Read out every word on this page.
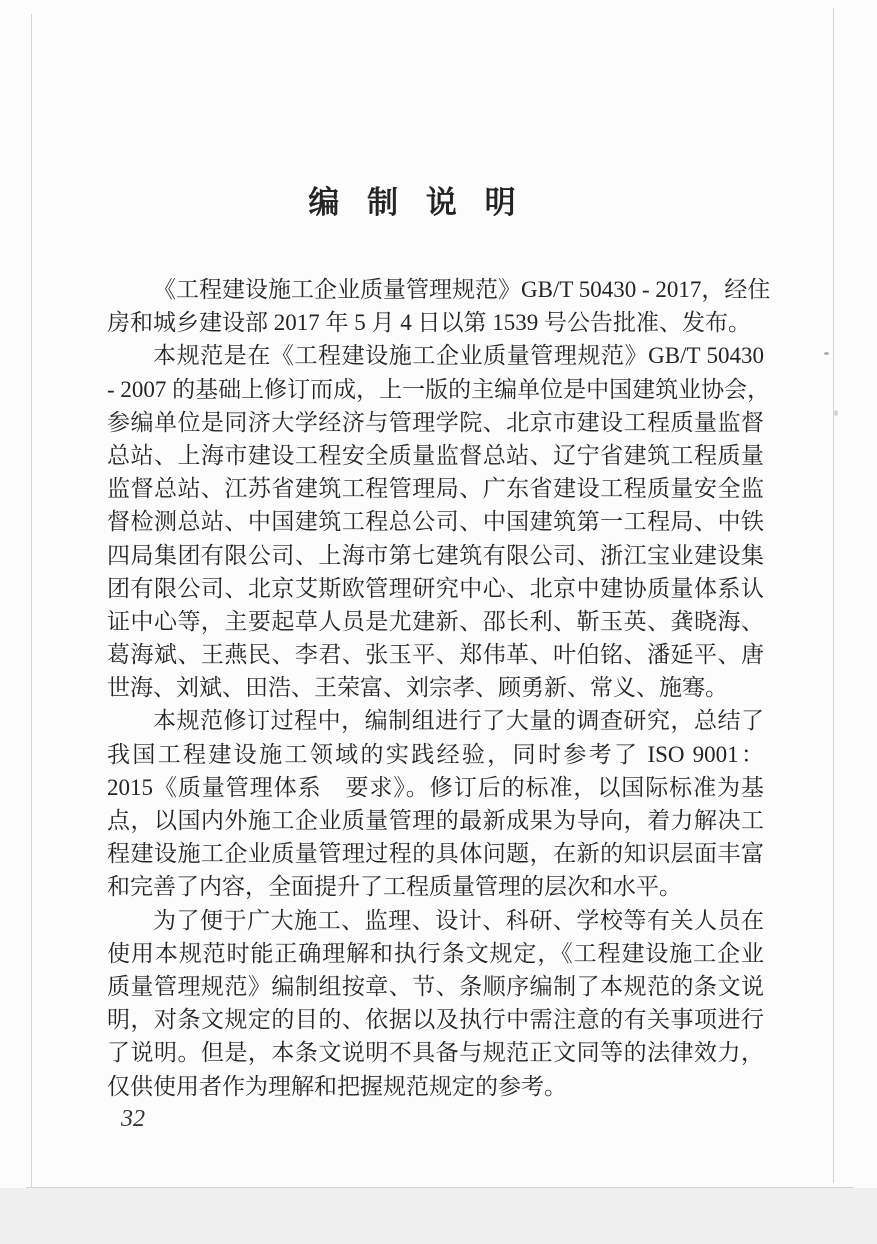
编 制 说 明
《工程建设施工企业质量管理规范》GB/T 50430 - 2017，经住
房和城乡建设部 2017 年 5 月 4 日以第 1539 号公告批准、发布。
本规范是在《工程建设施工企业质量管理规范》GB/T 50430
- 2007 的基础上修订而成，上一版的主编单位是中国建筑业协会，
参编单位是同济大学经济与管理学院、北京市建设工程质量监督
总站、上海市建设工程安全质量监督总站、辽宁省建筑工程质量
监督总站、江苏省建筑工程管理局、广东省建设工程质量安全监
督检测总站、中国建筑工程总公司、中国建筑第一工程局、中铁
四局集团有限公司、上海市第七建筑有限公司、浙江宝业建设集
团有限公司、北京艾斯欧管理研究中心、北京中建协质量体系认
证中心等，主要起草人员是尤建新、邵长利、靳玉英、龚晓海、
葛海斌、王燕民、李君、张玉平、郑伟革、叶伯铭、潘延平、唐
世海、刘斌、田浩、王荣富、刘宗孝、顾勇新、常义、施骞。
本规范修订过程中，编制组进行了大量的调查研究，总结了
我国工程建设施工领域的实践经验，同时参考了 ISO 9001：
2015《质量管理体系　要求》。修订后的标准，以国际标准为基
点，以国内外施工企业质量管理的最新成果为导向，着力解决工
程建设施工企业质量管理过程的具体问题，在新的知识层面丰富
和完善了内容，全面提升了工程质量管理的层次和水平。
为了便于广大施工、监理、设计、科研、学校等有关人员在
使用本规范时能正确理解和执行条文规定，《工程建设施工企业
质量管理规范》编制组按章、节、条顺序编制了本规范的条文说
明，对条文规定的目的、依据以及执行中需注意的有关事项进行
了说明。但是，本条文说明不具备与规范正文同等的法律效力，
仅供使用者作为理解和把握规范规定的参考。
32
